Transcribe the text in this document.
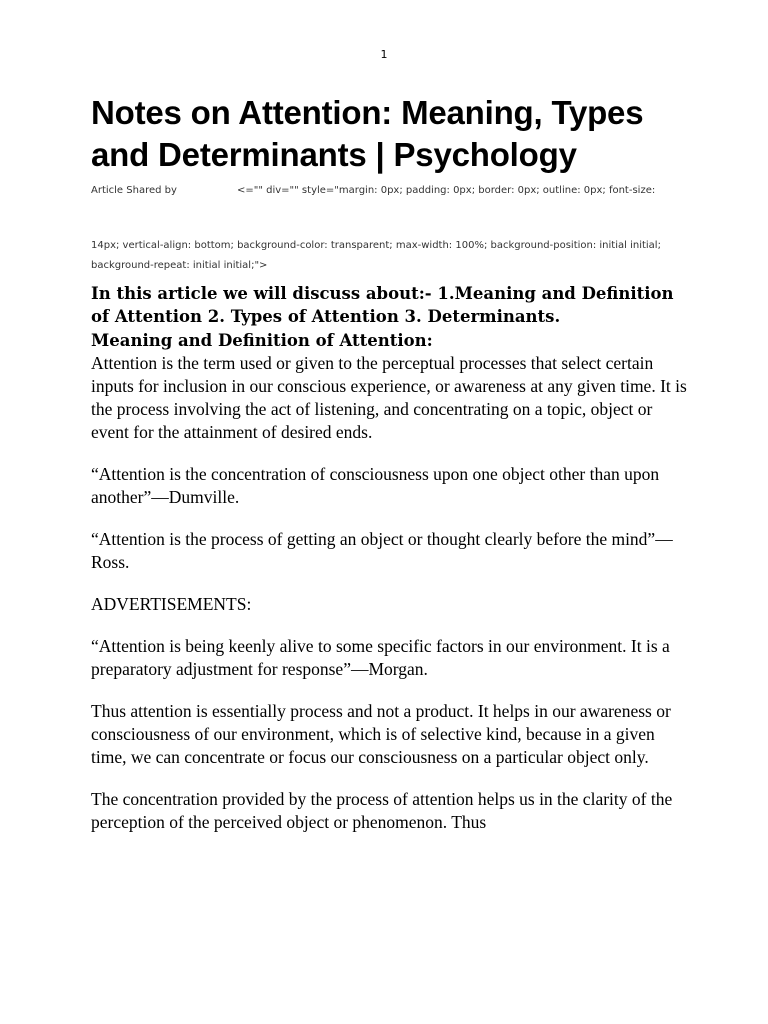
1
Notes on Attention: Meaning, Types and Determinants | Psychology
Article Shared by	<="" div="" style="margin: 0px; padding: 0px; border: 0px; outline: 0px; font-size:
14px; vertical-align: bottom; background-color: transparent; max-width: 100%; background-position: initial initial; background-repeat: initial initial;">

In this article we will discuss about:- 1.Meaning and Definition of Attention 2. Types of Attention 3. Determinants.

Meaning and Definition of Attention:

Attention is the term used or given to the perceptual processes that select certain inputs for inclusion in our conscious experience, or awareness at any given time. It is the process involving the act of listening, and concentrating on a topic, object or event for the attainment of desired ends.

“Attention is the concentration of consciousness upon one object other than upon another”—Dumville.

“Attention is the process of getting an object or thought clearly before the mind”—Ross.

ADVERTISEMENTS:

“Attention is being keenly alive to some specific factors in our environment. It is a preparatory adjustment for response”—Morgan.

Thus attention is essentially process and not a product. It helps in our awareness or consciousness of our environment, which is of selective kind, because in a given time, we can concentrate or focus our consciousness on a particular object only.

The concentration provided by the process of attention helps us in the clarity of the perception of the perceived object or phenomenon. Thus
